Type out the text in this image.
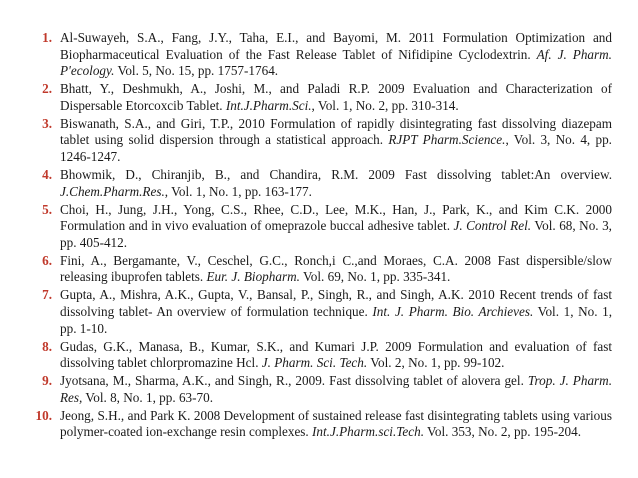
Al-Suwayeh, S.A., Fang, J.Y., Taha, E.I., and Bayomi, M. 2011 Formulation Optimization and Biopharmaceutical Evaluation of the Fast Release Tablet of Nifidipine Cyclodextrin. Af. J. Pharm. P'ecology. Vol. 5, No. 15, pp. 1757-1764.
Bhatt, Y., Deshmukh, A., Joshi, M., and Paladi R.P. 2009 Evaluation and Characterization of Dispersable Etorcoxcib Tablet. Int.J.Pharm.Sci., Vol. 1, No. 2, pp. 310-314.
Biswanath, S.A., and Giri, T.P., 2010 Formulation of rapidly disintegrating fast dissolving diazepam tablet using solid dispersion through a statistical approach. RJPT Pharm.Science., Vol. 3, No. 4, pp. 1246-1247.
Bhowmik, D., Chiranjib, B., and Chandira, R.M. 2009 Fast dissolving tablet:An overview. J.Chem.Pharm.Res., Vol. 1, No. 1, pp. 163-177.
Choi, H., Jung, J.H., Yong, C.S., Rhee, C.D., Lee, M.K., Han, J., Park, K., and Kim C.K. 2000 Formulation and in vivo evaluation of omeprazole buccal adhesive tablet. J. Control Rel. Vol. 68, No. 3, pp. 405-412.
Fini, A., Bergamante, V., Ceschel, G.C., Ronch,i C.,and Moraes, C.A. 2008 Fast dispersible/slow releasing ibuprofen tablets. Eur. J. Biopharm. Vol. 69, No. 1, pp. 335-341.
Gupta, A., Mishra, A.K., Gupta, V., Bansal, P., Singh, R., and Singh, A.K. 2010 Recent trends of fast dissolving tablet- An overview of formulation technique. Int. J. Pharm. Bio. Archieves. Vol. 1, No. 1, pp. 1-10.
Gudas, G.K., Manasa, B., Kumar, S.K., and Kumari J.P. 2009 Formulation and evaluation of fast dissolving tablet chlorpromazine Hcl. J. Pharm. Sci. Tech. Vol. 2, No. 1, pp. 99-102.
Jyotsana, M., Sharma, A.K., and Singh, R., 2009. Fast dissolving tablet of alovera gel. Trop. J. Pharm. Res, Vol. 8, No. 1, pp. 63-70.
Jeong, S.H., and Park K. 2008 Development of sustained release fast disintegrating tablets using various polymer-coated ion-exchange resin complexes. Int.J.Pharm.sci.Tech. Vol. 353, No. 2, pp. 195-204.
